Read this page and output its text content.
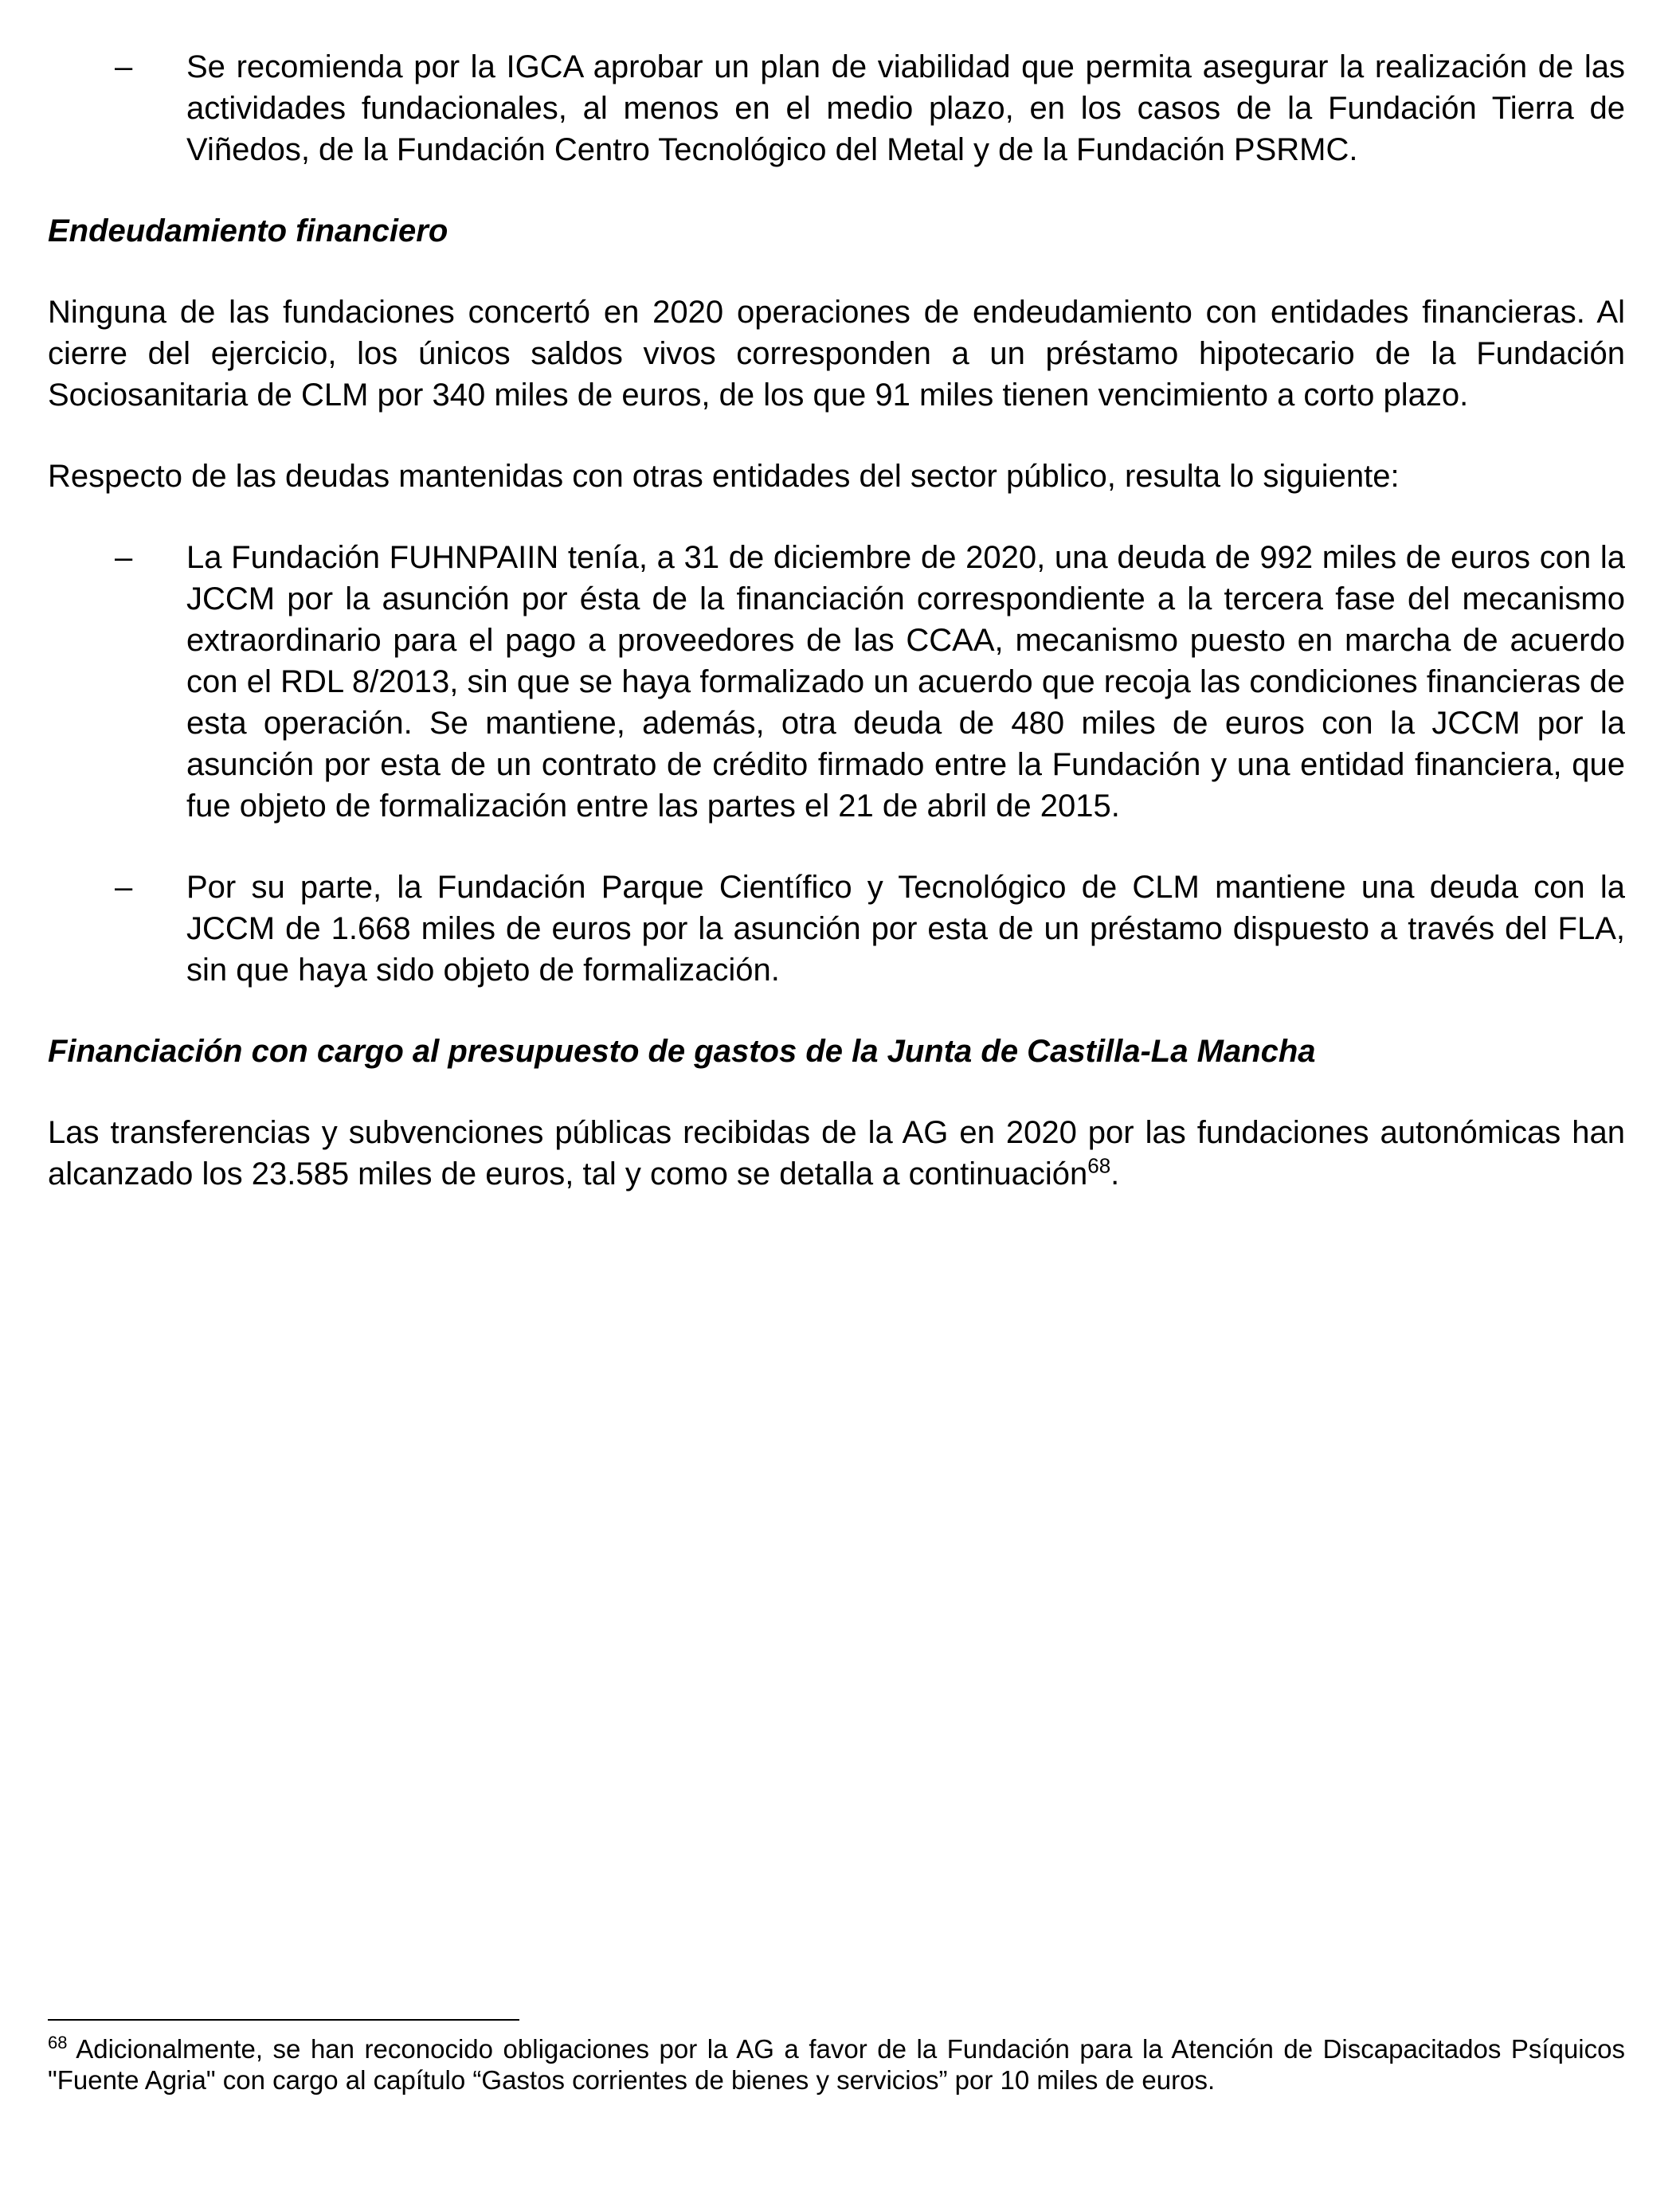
– Se recomienda por la IGCA aprobar un plan de viabilidad que permita asegurar la realización de las actividades fundacionales, al menos en el medio plazo, en los casos de la Fundación Tierra de Viñedos, de la Fundación Centro Tecnológico del Metal y de la Fundación PSRMC.

Endeudamiento financiero

Ninguna de las fundaciones concertó en 2020 operaciones de endeudamiento con entidades financieras. Al cierre del ejercicio, los únicos saldos vivos corresponden a un préstamo hipotecario de la Fundación Sociosanitaria de CLM por 340 miles de euros, de los que 91 miles tienen vencimiento a corto plazo.

Respecto de las deudas mantenidas con otras entidades del sector público, resulta lo siguiente:

– La Fundación FUHNPAIIN tenía, a 31 de diciembre de 2020, una deuda de 992 miles de euros con la JCCM por la asunción por ésta de la financiación correspondiente a la tercera fase del mecanismo extraordinario para el pago a proveedores de las CCAA, mecanismo puesto en marcha de acuerdo con el RDL 8/2013, sin que se haya formalizado un acuerdo que recoja las condiciones financieras de esta operación. Se mantiene, además, otra deuda de 480 miles de euros con la JCCM por la asunción por esta de un contrato de crédito firmado entre la Fundación y una entidad financiera, que fue objeto de formalización entre las partes el 21 de abril de 2015.

– Por su parte, la Fundación Parque Científico y Tecnológico de CLM mantiene una deuda con la JCCM de 1.668 miles de euros por la asunción por esta de un préstamo dispuesto a través del FLA, sin que haya sido objeto de formalización.

Financiación con cargo al presupuesto de gastos de la Junta de Castilla-La Mancha

Las transferencias y subvenciones públicas recibidas de la AG en 2020 por las fundaciones autonómicas han alcanzado los 23.585 miles de euros, tal y como se detalla a continuación$^{68}$.

$^{68}$ Adicionalmente, se han reconocido obligaciones por la AG a favor de la Fundación para la Atención de Discapacitados Psíquicos "Fuente Agria" con cargo al capítulo “Gastos corrientes de bienes y servicios” por 10 miles de euros.
